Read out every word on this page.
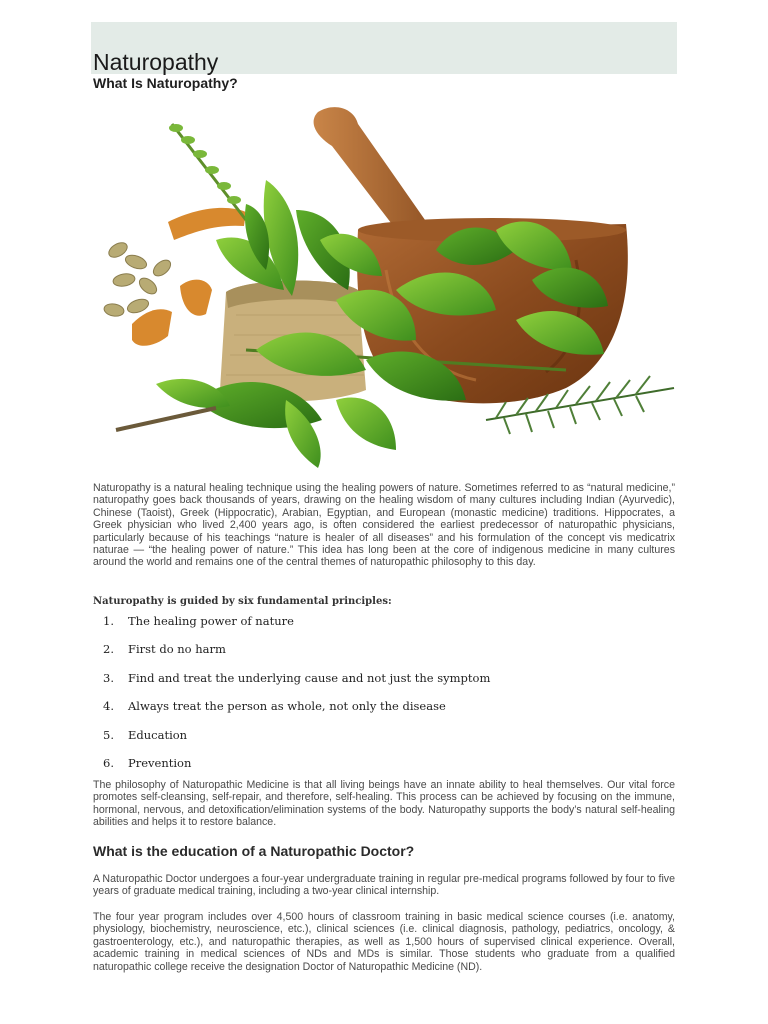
Naturopathy
What Is Naturopathy?

Naturopathy is a natural healing technique using the healing powers of nature. Sometimes referred to as “natural medicine,” naturopathy goes back thousands of years, drawing on the healing wisdom of many cultures including Indian (Ayurvedic), Chinese (Taoist), Greek (Hippocratic), Arabian, Egyptian, and European (monastic medicine) traditions. Hippocrates, a Greek physician who lived 2,400 years ago, is often considered the earliest predecessor of naturopathic physicians, particularly because of his teachings “nature is healer of all diseases” and his formulation of the concept vis medicatrix naturae — “the healing power of nature.” This idea has long been at the core of indigenous medicine in many cultures around the world and remains one of the central themes of naturopathic philosophy to this day.

Naturopathy is guided by six fundamental principles:

1. The healing power of nature
2. First do no harm
3. Find and treat the underlying cause and not just the symptom
4. Always treat the person as whole, not only the disease
5. Education
6. Prevention

The philosophy of Naturopathic Medicine is that all living beings have an innate ability to heal themselves. Our vital force promotes self-cleansing, self-repair, and therefore, self-healing. This process can be achieved by focusing on the immune, hormonal, nervous, and detoxification/elimination systems of the body. Naturopathy supports the body’s natural self-healing abilities and helps it to restore balance.

What is the education of a Naturopathic Doctor?

A Naturopathic Doctor undergoes a four-year undergraduate training in regular pre-medical programs followed by four to five years of graduate medical training, including a two-year clinical internship.

The four year program includes over 4,500 hours of classroom training in basic medical science courses (i.e. anatomy, physiology, biochemistry, neuroscience, etc.), clinical sciences (i.e. clinical diagnosis, pathology, pediatrics, oncology, & gastroenterology, etc.), and naturopathic therapies, as well as 1,500 hours of supervised clinical experience. Overall, academic training in medical sciences of NDs and MDs is similar. Those students who graduate from a qualified naturopathic college receive the designation Doctor of Naturopathic Medicine (ND).
